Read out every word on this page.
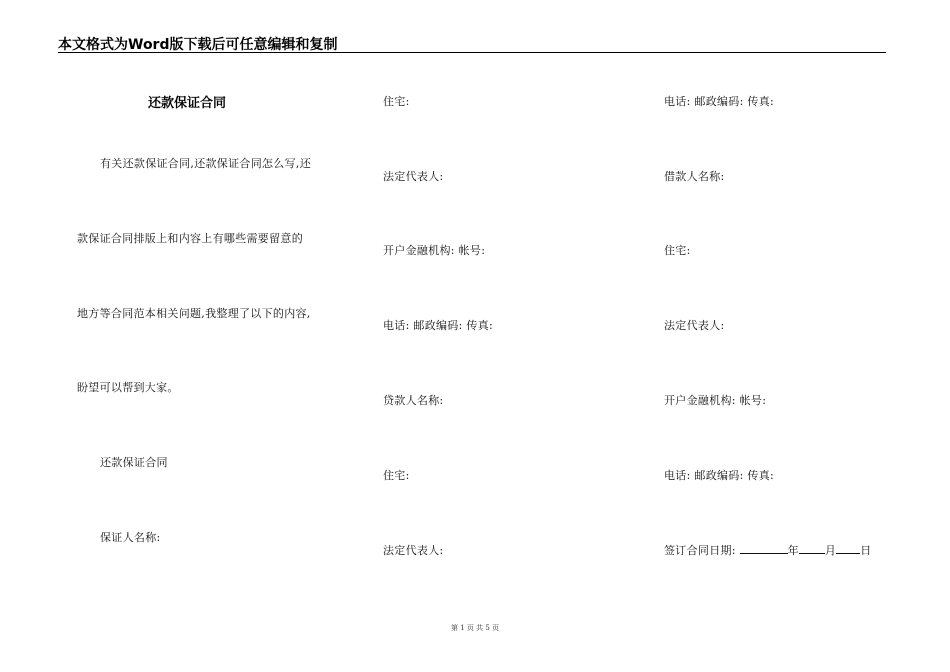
本文格式为Word版下载后可任意编辑和复制
还款保证合同
有关还款保证合同,还款保证合同怎么写,还
款保证合同排版上和内容上有哪些需要留意的
地方等合同范本相关问题,我整理了以下的内容,
盼望可以帮到大家。
还款保证合同
保证人名称:
住宅:
法定代表人:
开户金融机构: 帐号:
电话: 邮政编码: 传真:
贷款人名称:
住宅:
法定代表人:
电话: 邮政编码: 传真:
借款人名称:
住宅:
法定代表人:
开户金融机构: 帐号:
电话: 邮政编码: 传真:
签订合同日期:	年 月 日
第 1 页 共 5 页
